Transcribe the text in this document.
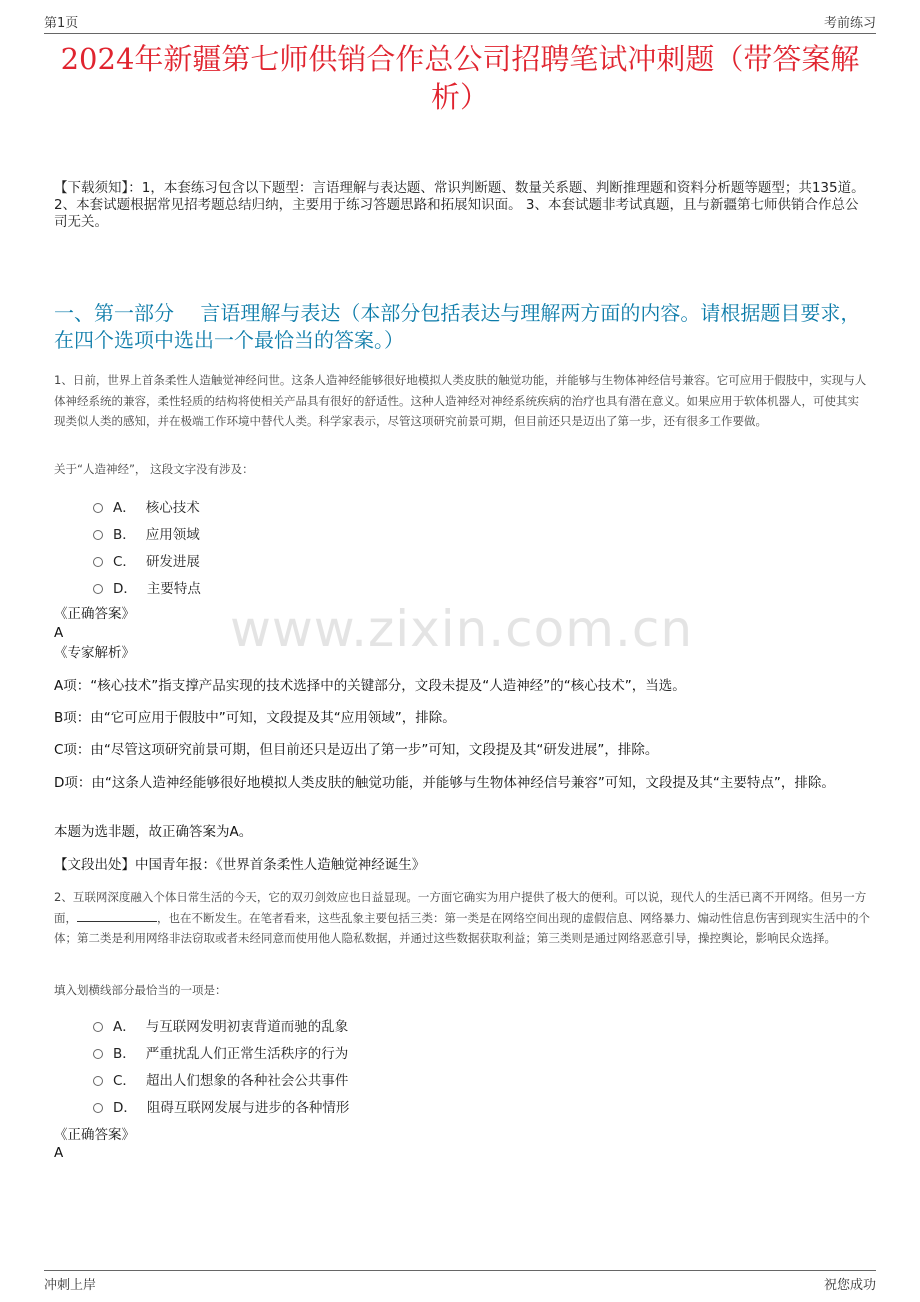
第1页	考前练习
2024年新疆第七师供销合作总公司招聘笔试冲刺题（带答案解析）
【下载须知】：1，本套练习包含以下题型：言语理解与表达题、常识判断题、数量关系题、判断推理题和资料分析题等题型；共135道。 2、本套试题根据常见招考题总结归纳，主要用于练习答题思路和拓展知识面。 3、本套试题非考试真题，且与新疆第七师供销合作总公司无关。
一、第一部分　 言语理解与表达（本部分包括表达与理解两方面的内容。请根据题目要求，在四个选项中选出一个最恰当的答案。）
1、日前，世界上首条柔性人造触觉神经问世。这条人造神经能够很好地模拟人类皮肤的触觉功能，并能够与生物体神经信号兼容。它可应用于假肢中，实现与人体神经系统的兼容，柔性轻质的结构将使相关产品具有很好的舒适性。这种人造神经对神经系统疾病的治疗也具有潜在意义。如果应用于软体机器人，可使其实现类似人类的感知，并在极端工作环境中替代人类。科学家表示，尽管这项研究前景可期，但目前还只是迈出了第一步，还有很多工作要做。
关于“人造神经”， 这段文字没有涉及：
A． 核心技术
B． 应用领域
C． 研发进展
D． 主要特点
www.zixin.com.cn
《正确答案》
A
《专家解析》
A项：“核心技术”指支撑产品实现的技术选择中的关键部分，文段未提及“人造神经”的“核心技术”，当选。
B项：由“它可应用于假肢中”可知，文段提及其“应用领域”，排除。
C项：由“尽管这项研究前景可期，但目前还只是迈出了第一步”可知，文段提及其“研发进展”，排除。
D项：由“这条人造神经能够很好地模拟人类皮肤的触觉功能，并能够与生物体神经信号兼容”可知，文段提及其“主要特点”，排除。
本题为选非题，故正确答案为A。
【文段出处】中国青年报：《世界首条柔性人造触觉神经诞生》
2、互联网深度融入个体日常生活的今天，它的双刃剑效应也日益显现。一方面它确实为用户提供了极大的便利。可以说，现代人的生活已离不开网络。但另一方面，	，也在不断发生。在笔者看来，这些乱象主要包括三类：第一类是在网络空间出现的虚假信息、网络暴力、煽动性信息伤害到现实生活中的个体；第二类是利用网络非法窃取或者未经同意而使用他人隐私数据，并通过这些数据获取利益；第三类则是通过网络恶意引导，操控舆论，影响民众选择。
填入划横线部分最恰当的一项是：
A． 与互联网发明初衷背道而驰的乱象
B． 严重扰乱人们正常生活秩序的行为
C． 超出人们想象的各种社会公共事件
D． 阻碍互联网发展与进步的各种情形
《正确答案》
A
冲刺上岸	祝您成功
